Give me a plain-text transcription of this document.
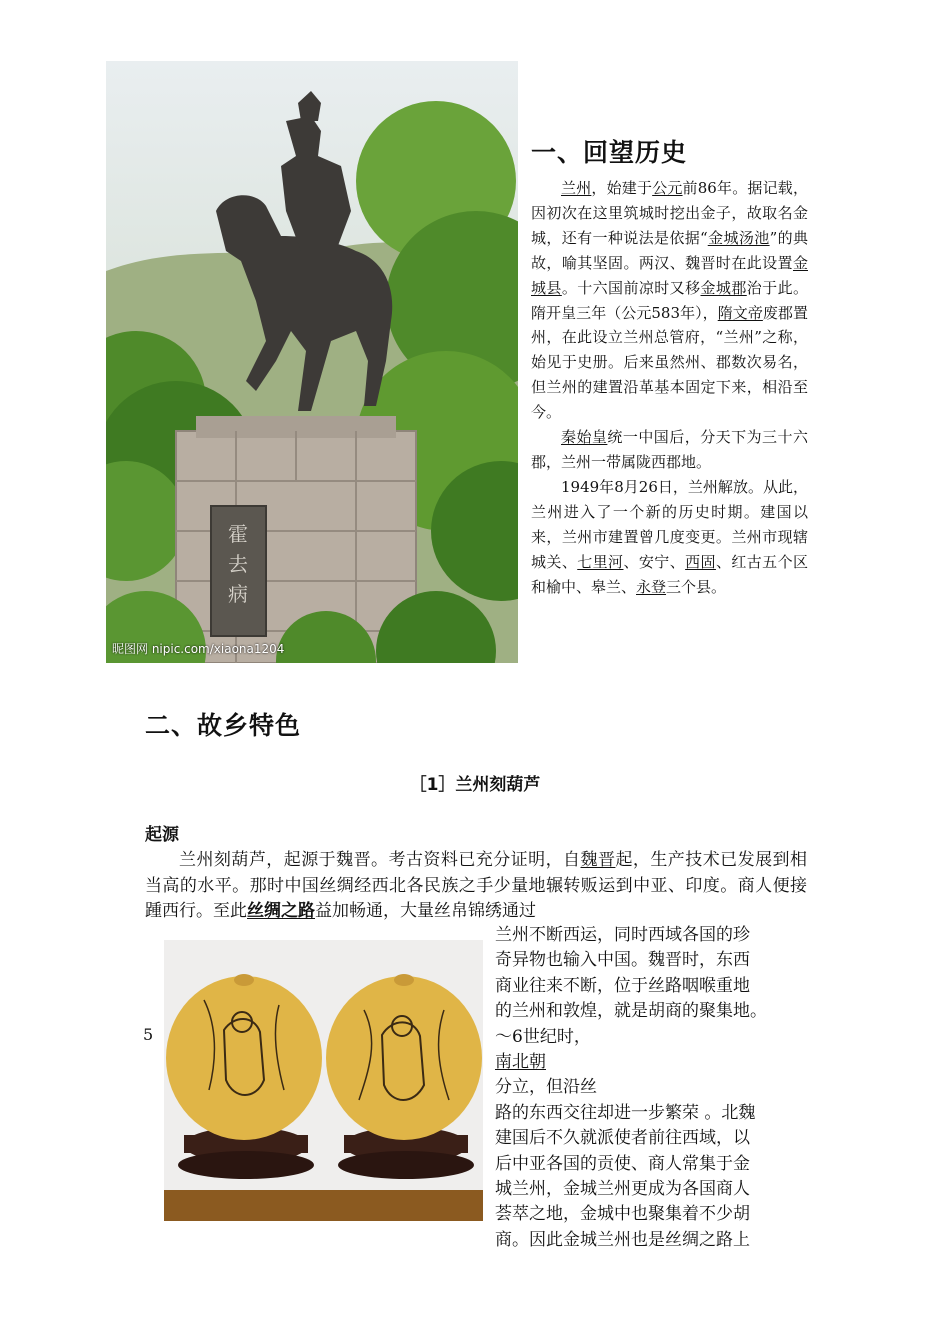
霍
去
病
昵图网 nipic.com/xiaona1204
一、回望历史

兰州，始建于公元前86年。据记载，因初次在这里筑城时挖出金子，故取名金城，还有一种说法是依据“金城汤池”的典故，喻其坚固。两汉、魏晋时在此设置金城县。十六国前凉时又移金城郡治于此。隋开皇三年（公元583年），隋文帝废郡置州，在此设立兰州总管府，“兰州”之称，始见于史册。后来虽然州、郡数次易名，但兰州的建置沿革基本固定下来，相沿至今。

秦始皇统一中国后，分天下为三十六郡，兰州一带属陇西郡地。

1949年8月26日，兰州解放。从此，兰州进入了一个新的历史时期。建国以来，兰州市建置曾几度变更。兰州市现辖城关、七里河、安宁、西固、红古五个区和榆中、皋兰、永登三个县。

二、故乡特色
［1］兰州刻葫芦
起源

兰州刻葫芦，起源于魏晋。考古资料已充分证明，自魏晋起，生产技术已发展到相当高的水平。那时中国丝绸经西北各民族之手少量地辗转贩运到中亚、印度。商人便接踵西行。至此丝绸之路益加畅通，大量丝帛锦绣通过

兰州不断西运，同时西域各国的珍
奇异物也输入中国。魏晋时，东西
商业往来不断，位于丝路咽喉重地
的兰州和敦煌，就是胡商的聚集地。
～6世纪时，
南北朝
分立，但沿丝
路的东西交往却进一步繁荣 。北魏
建国后不久就派使者前往西域，以
后中亚各国的贡使、商人常集于金
城兰州，金城兰州更成为各国商人
荟萃之地，金城中也聚集着不少胡
商。因此金城兰州也是丝绸之路上
5
